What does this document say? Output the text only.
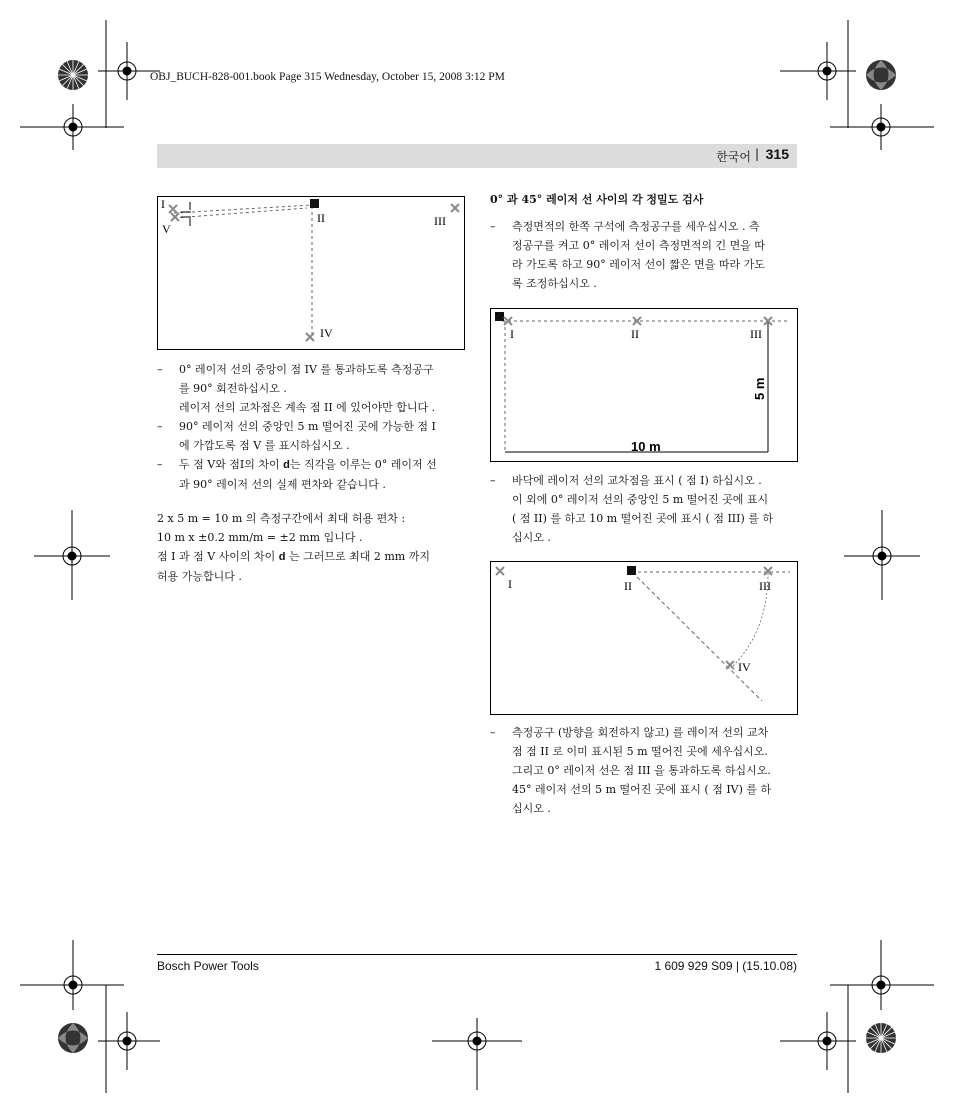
OBJ_BUCH-828-001.book Page 315 Wednesday, October 15, 2008 3:12 PM
한국어 | 315
I
V
II	III
IV
– 0° 레이저 선의 중앙이 점 IV 를 통과하도록 측정공구
를 90° 회전하십시오 .
레이저 선의 교차점은 계속 점 II 에 있어야만 합니다 .
– 90° 레이저 선의 중앙인 5 m 떨어진 곳에 가능한 점 I
에 가깝도록 점 V 를 표시하십시오 .
– 두 점 V와 점I의 차이 d는 직각을 이루는 0° 레이저 선
과 90° 레이저 선의 실제 편차와 같습니다 .
2 x 5 m = 10 m 의 측정구간에서 최대 허용 편차 :
10 m x ±0.2 mm/m = ±2 mm 입니다 .
점 I 과 점 V 사이의 차이 d 는 그러므로 최대 2 mm 까지
허용 가능합니다 .
0° 과 45° 레이저 선 사이의 각 정밀도 검사
– 측정면적의 한쪽 구석에 측정공구를 세우십시오 . 측
정공구를 켜고 0° 레이저 선이 측정면적의 긴 면을 따
라 가도록 하고 90° 레이저 선이 짧은 면을 따라 가도
록 조정하십시오 .
I	II	III
10 m
5 m
– 바닥에 레이저 선의 교차점을 표시 ( 점 I) 하십시오 .
이 외에 0° 레이저 선의 중앙인 5 m 떨어진 곳에 표시
( 점 II) 를 하고 10 m 떨어진 곳에 표시 ( 점 III) 를 하
십시오 .
I	II	III
IV
– 측정공구 (방향을 회전하지 않고) 를 레이저 선의 교차
점 점 II 로 이미 표시된 5 m 떨어진 곳에 세우십시오.
그리고 0° 레이저 선은 점 III 을 통과하도록 하십시오.
45° 레이저 선의 5 m 떨어진 곳에 표시 ( 점 IV) 를 하
십시오 .
Bosch Power Tools	1 609 929 S09 | (15.10.08)
